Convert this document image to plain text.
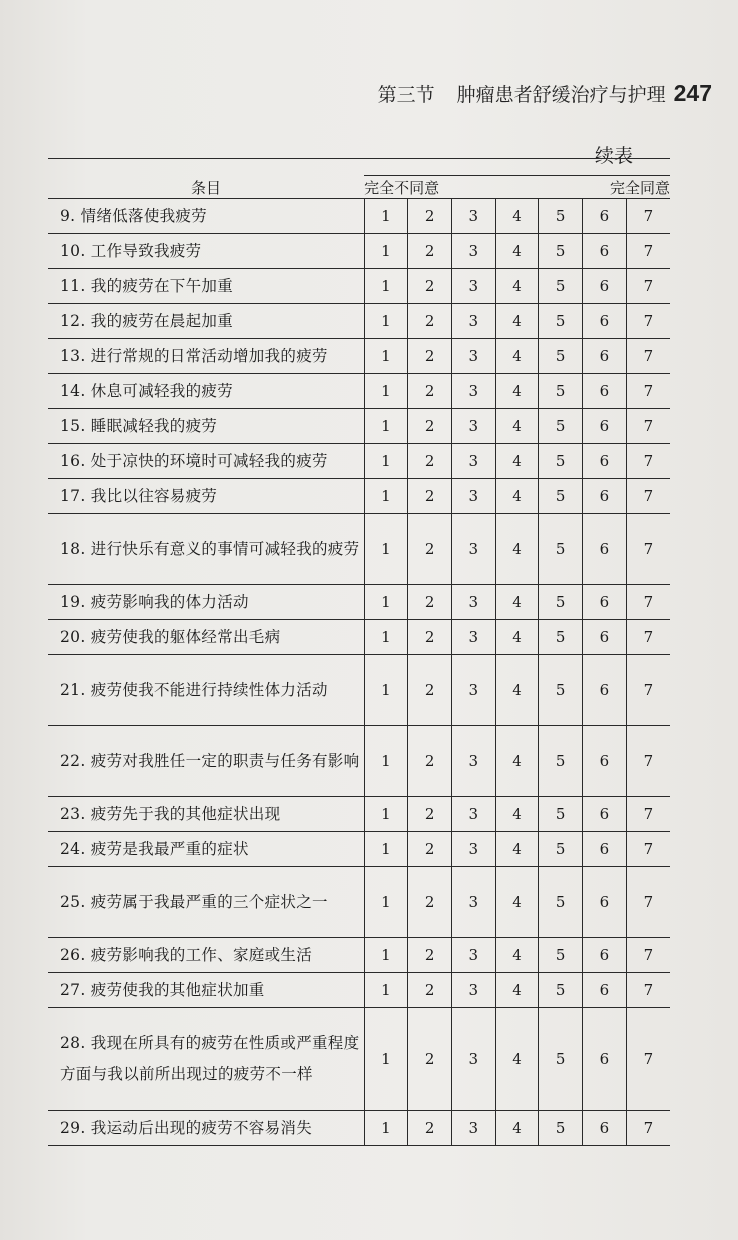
第三节 肿瘤患者舒缓治疗与护理 247
续表
条目							
	完全不同意				完全同意		
9. 情绪低落使我疲劳	1	2	3	4	5	6	7
10. 工作导致我疲劳	1	2	3	4	5	6	7
11. 我的疲劳在下午加重	1	2	3	4	5	6	7
12. 我的疲劳在晨起加重	1	2	3	4	5	6	7
13. 进行常规的日常活动增加我的疲劳	1	2	3	4	5	6	7
14. 休息可减轻我的疲劳	1	2	3	4	5	6	7
15. 睡眠减轻我的疲劳	1	2	3	4	5	6	7
16. 处于凉快的环境时可减轻我的疲劳	1	2	3	4	5	6	7
17. 我比以往容易疲劳	1	2	3	4	5	6	7
18. 进行快乐有意义的事情可减轻我的疲劳	1	2	3	4	5	6	7
19. 疲劳影响我的体力活动	1	2	3	4	5	6	7
20. 疲劳使我的躯体经常出毛病	1	2	3	4	5	6	7
21. 疲劳使我不能进行持续性体力活动	1	2	3	4	5	6	7
22. 疲劳对我胜任一定的职责与任务有影响	1	2	3	4	5	6	7
23. 疲劳先于我的其他症状出现	1	2	3	4	5	6	7
24. 疲劳是我最严重的症状	1	2	3	4	5	6	7
25. 疲劳属于我最严重的三个症状之一	1	2	3	4	5	6	7
26. 疲劳影响我的工作、家庭或生活	1	2	3	4	5	6	7
27. 疲劳使我的其他症状加重	1	2	3	4	5	6	7
28. 我现在所具有的疲劳在性质或严重程度方面与我以前所出现过的疲劳不一样	1	2	3	4	5	6	7
29. 我运动后出现的疲劳不容易消失	1	2	3	4	5	6	7
